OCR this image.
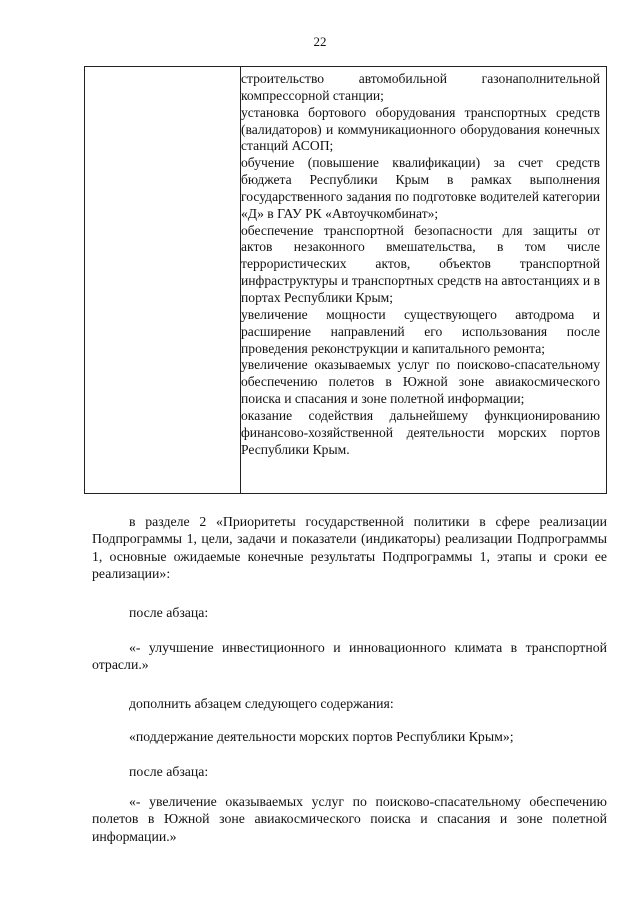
22

строительство автомобильной газонаполнительной компрессорной станции;

установка бортового оборудования транспортных средств (валидаторов) и коммуникационного оборудования конечных станций АСОП;

обучение (повышение квалификации) за счет средств бюджета Республики Крым в рамках выполнения государственного задания по подготовке водителей категории «Д» в ГАУ РК «Автоучкомбинат»;

обеспечение транспортной безопасности для защиты от актов незаконного вмешательства, в том числе террористических актов, объектов транспортной инфраструктуры и транспортных средств на автостанциях и в портах Республики Крым;

увеличение мощности существующего автодрома и расширение направлений его использования после проведения реконструкции и капитального ремонта;

увеличение оказываемых услуг по поисково-спасательному обеспечению полетов в Южной зоне авиакосмического поиска и спасания и зоне полетной информации;

оказание содействия дальнейшему функционированию финансово-хозяйственной деятельности морских портов Республики Крым.

в разделе 2 «Приоритеты государственной политики в сфере реализации Подпрограммы 1, цели, задачи и показатели (индикаторы) реализации Подпрограммы 1, основные ожидаемые конечные результаты Подпрограммы 1, этапы и сроки ее реализации»:

после абзаца:

«- улучшение инвестиционного и инновационного климата в транспортной отрасли.»

дополнить абзацем следующего содержания:

«поддержание деятельности морских портов Республики Крым»;

после абзаца:

«- увеличение оказываемых услуг по поисково-спасательному обеспечению полетов в Южной зоне авиакосмического поиска и спасания и зоне полетной информации.»
